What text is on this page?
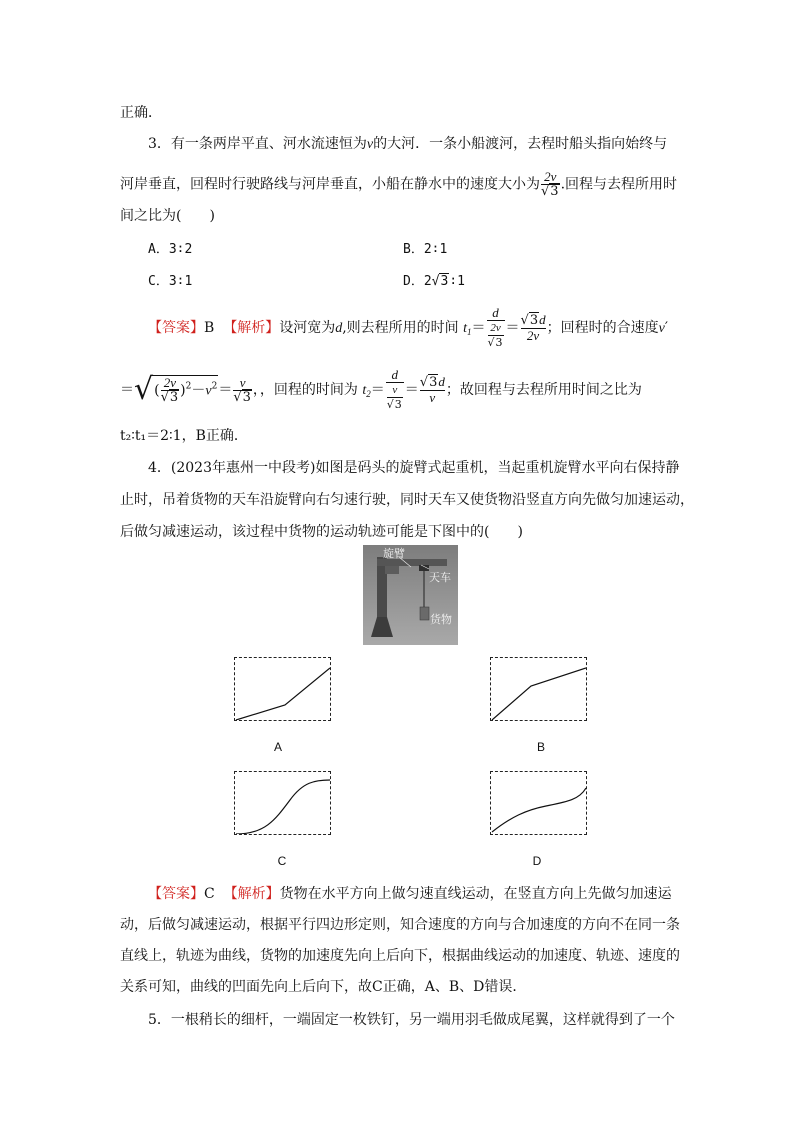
正确．
3．有一条两岸平直、河水流速恒为v的大河．一条小船渡河，去程时船头指向始终与
河岸垂直，回程时行驶路线与河岸垂直，小船在静水中的速度大小为 $\frac{2v}{√3}$ .回程与去程所用时
间之比为(　　)
A．3∶2	B．2∶1
C．3∶1	D．2√3∶1
【答案】B 【解析】设河宽为d,则去程所用的时间 $t_1= \frac{d}{\frac{2v}{√3}} = \frac{√3d}{2v}$ ；回程时的合速度v′
＝√( $\frac{2v}{√3} )^2-v^2= \frac{v}{√3}$ ，，回程的时间为 $t_2= \frac{d}{\frac{v}{√3}} = \frac{√3d}{v}$ ；故回程与去程所用时间之比为
t₂∶t₁＝2∶1，B正确．
4．(2023年惠州一中段考)如图是码头的旋臂式起重机，当起重机旋臂水平向右保持静
止时，吊着货物的天车沿旋臂向右匀速行驶，同时天车又使货物沿竖直方向先做匀加速运动，
后做匀减速运动，该过程中货物的运动轨迹可能是下图中的(　　)
旋臂
天车
货物
A	B
C	D
【答案】C 【解析】货物在水平方向上做匀速直线运动，在竖直方向上先做匀加速运
动，后做匀减速运动，根据平行四边形定则，知合速度的方向与合加速度的方向不在同一条
直线上，轨迹为曲线，货物的加速度先向上后向下，根据曲线运动的加速度、轨迹、速度的
关系可知，曲线的凹面先向上后向下，故C正确，A、B、D错误．
5．一根稍长的细杆，一端固定一枚铁钉，另一端用羽毛做成尾翼，这样就得到了一个
